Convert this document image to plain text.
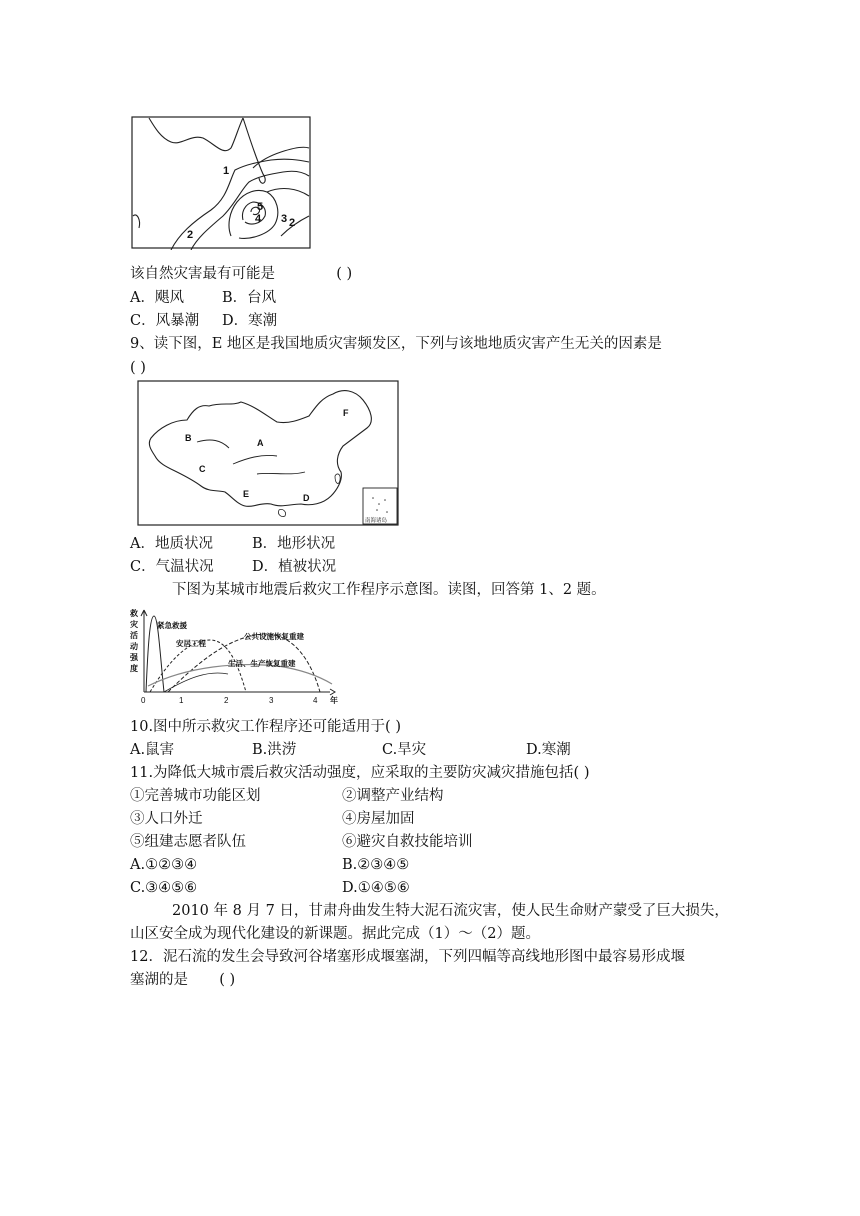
1
2
3
4
5
2
该自然灾害最有可能是	( )
A．飓风	B．台风
C．风暴潮 D．寒潮
9、读下图，E 地区是我国地质灾害频发区，下列与该地地质灾害产生无关的因素是
( )
南海诸岛
A
B
C
D
E
F
A．地质状况	B．地形状况
C．气温状况	D．植被状况
下图为某城市地震后救灾工作程序示意图。读图，回答第 1、2 题。
救
灾
活
动
强
度
0	1	2	3	4 年
紧急救援
安居工程
公共设施恢复重建
生活、生产恢复重建
10.图中所示救灾工作程序还可能适用于( )
A.鼠害	B.洪涝	C.旱灾	D.寒潮
11.为降低大城市震后救灾活动强度，应采取的主要防灾减灾措施包括( )
①完善城市功能区划	②调整产业结构
③人口外迁	④房屋加固
⑤组建志愿者队伍	⑥避灾自救技能培训
A.①②③④	B.②③④⑤
C.③④⑤⑥	D.①④⑤⑥
2010 年 8 月 7 日，甘肃舟曲发生特大泥石流灾害，使人民生命财产蒙受了巨大损失，
山区安全成为现代化建设的新课题。据此完成（1）～（2）题。
12．泥石流的发生会导致河谷堵塞形成堰塞湖，下列四幅等高线地形图中最容易形成堰
塞湖的是 ( )
